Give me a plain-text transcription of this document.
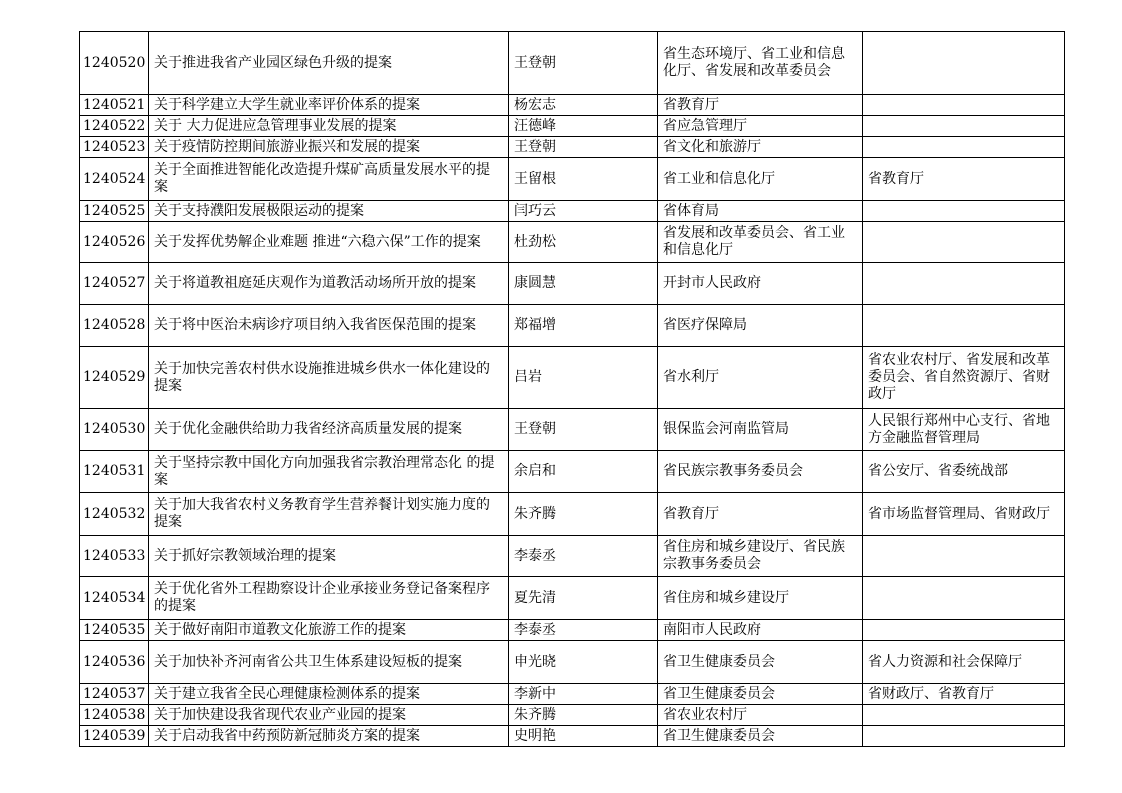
1240520	关于推进我省产业园区绿色升级的提案	王登朝	省生态环境厅、省工业和信息化厅、省发展和改革委员会	
1240521	关于科学建立大学生就业率评价体系的提案	杨宏志	省教育厅	
1240522	关于 大力促进应急管理事业发展的提案	汪德峰	省应急管理厅	
1240523	关于疫情防控期间旅游业振兴和发展的提案	王登朝	省文化和旅游厅	
1240524	关于全面推进智能化改造提升煤矿高质量发展水平的提案	王留根	省工业和信息化厅	省教育厅
1240525	关于支持濮阳发展极限运动的提案	闫巧云	省体育局	
1240526	关于发挥优势解企业难题 推进“六稳六保”工作的提案	杜劲松	省发展和改革委员会、省工业和信息化厅	
1240527	关于将道教祖庭延庆观作为道教活动场所开放的提案	康圆慧	开封市人民政府	
1240528	关于将中医治未病诊疗项目纳入我省医保范围的提案	郑福增	省医疗保障局	
1240529	关于加快完善农村供水设施推进城乡供水一体化建设的提案	吕岩	省水利厅	省农业农村厅、省发展和改革委员会、省自然资源厅、省财政厅
1240530	关于优化金融供给助力我省经济高质量发展的提案	王登朝	银保监会河南监管局	人民银行郑州中心支行、省地方金融监督管理局
1240531	关于坚持宗教中国化方向加强我省宗教治理常态化 的提案	余启和	省民族宗教事务委员会	省公安厅、省委统战部
1240532	关于加大我省农村义务教育学生营养餐计划实施力度的提案	朱齐腾	省教育厅	省市场监督管理局、省财政厅
1240533	关于抓好宗教领域治理的提案	李泰丞	省住房和城乡建设厅、省民族宗教事务委员会	
1240534	关于优化省外工程勘察设计企业承接业务登记备案程序的提案	夏先清	省住房和城乡建设厅	
1240535	关于做好南阳市道教文化旅游工作的提案	李泰丞	南阳市人民政府	
1240536	关于加快补齐河南省公共卫生体系建设短板的提案	申光晓	省卫生健康委员会	省人力资源和社会保障厅
1240537	关于建立我省全民心理健康检测体系的提案	李新中	省卫生健康委员会	省财政厅、省教育厅
1240538	关于加快建设我省现代农业产业园的提案	朱齐腾	省农业农村厅	
1240539	关于启动我省中药预防新冠肺炎方案的提案	史明艳	省卫生健康委员会	
